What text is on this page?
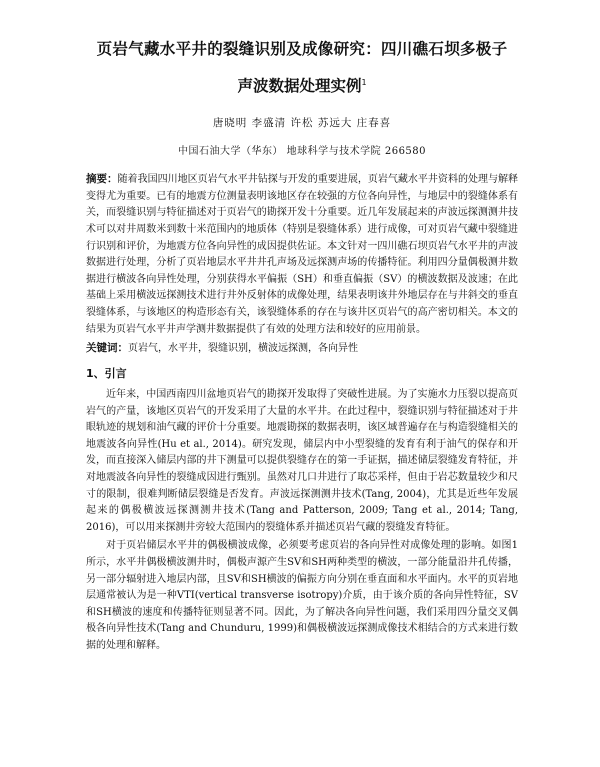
页岩气藏水平井的裂缝识别及成像研究：四川礁石坝多极子

声波数据处理实例$^1$

唐晓明 李盛清 许松 苏远大 庄春喜
中国石油大学（华东） 地球科学与技术学院 266580
摘要：随着我国四川地区页岩气水平井钻探与开发的重要进展，页岩气藏水平井资料的处理与解释变得尤为重要。已有的地震方位测量表明该地区存在较强的方位各向异性，与地层中的裂缝体系有关，而裂缝识别与特征描述对于页岩气的勘探开发十分重要。近几年发展起来的声波远探测测井技术可以对井周数米到数十米范围内的地质体（特别是裂缝体系）进行成像，可对页岩气藏中裂缝进行识别和评价，为地震方位各向异性的成因提供佐证。本文针对一四川礁石坝页岩气水平井的声波数据进行处理，分析了页岩地层水平井井孔声场及远探测声场的传播特征。利用四分量偶极测井数据进行横波各向异性处理，分别获得水平偏振（SH）和垂直偏振（SV）的横波数据及波速；在此基础上采用横波远探测技术进行井外反射体的成像处理，结果表明该井外地层存在与井斜交的垂直裂缝体系，与该地区的构造形态有关，该裂缝体系的存在与该井区页岩气的高产密切相关。本文的结果为页岩气水平井声学测井数据提供了有效的处理方法和较好的应用前景。
关键词：页岩气，水平井，裂缝识别，横波远探测，各向异性
1、引言

近年来，中国西南四川盆地页岩气的勘探开发取得了突破性进展。为了实施水力压裂以提高页岩气的产量，该地区页岩气的开发采用了大量的水平井。在此过程中，裂缝识别与特征描述对于井眼轨迹的规划和油气藏的评价十分重要。地震勘探的数据表明，该区域普遍存在与构造裂缝相关的地震波各向异性(Hu et al., 2014)。研究发现，储层内中小型裂缝的发育有利于油气的保存和开发，而直接深入储层内部的井下测量可以提供裂缝存在的第一手证据，描述储层裂缝发育特征，并对地震波各向异性的裂缝成因进行甄别。虽然对几口井进行了取芯采样，但由于岩芯数量较少和尺寸的限制，很难判断储层裂缝是否发育。声波远探测测井技术(Tang, 2004)，尤其是近些年发展起来的偶极横波远探测测井技术(Tang and Patterson, 2009; Tang et al., 2014; Tang, 2016)，可以用来探测井旁较大范围内的裂缝体系并描述页岩气藏的裂缝发育特征。

对于页岩储层水平井的偶极横波成像，必须要考虑页岩的各向异性对成像处理的影响。如图1所示，水平井偶极横波测井时，偶极声源产生SV和SH两种类型的横波，一部分能量沿井孔传播，另一部分辐射进入地层内部，且SV和SH横波的偏振方向分别在垂直面和水平面内。水平的页岩地层通常被认为是一种VTI(vertical transverse isotropy)介质，由于该介质的各向异性特征，SV和SH横波的速度和传播特征则显著不同。因此，为了解决各向异性问题，我们采用四分量交叉偶极各向异性技术(Tang and Chunduru, 1999)和偶极横波远探测成像技术相结合的方式来进行数据的处理和解释。
